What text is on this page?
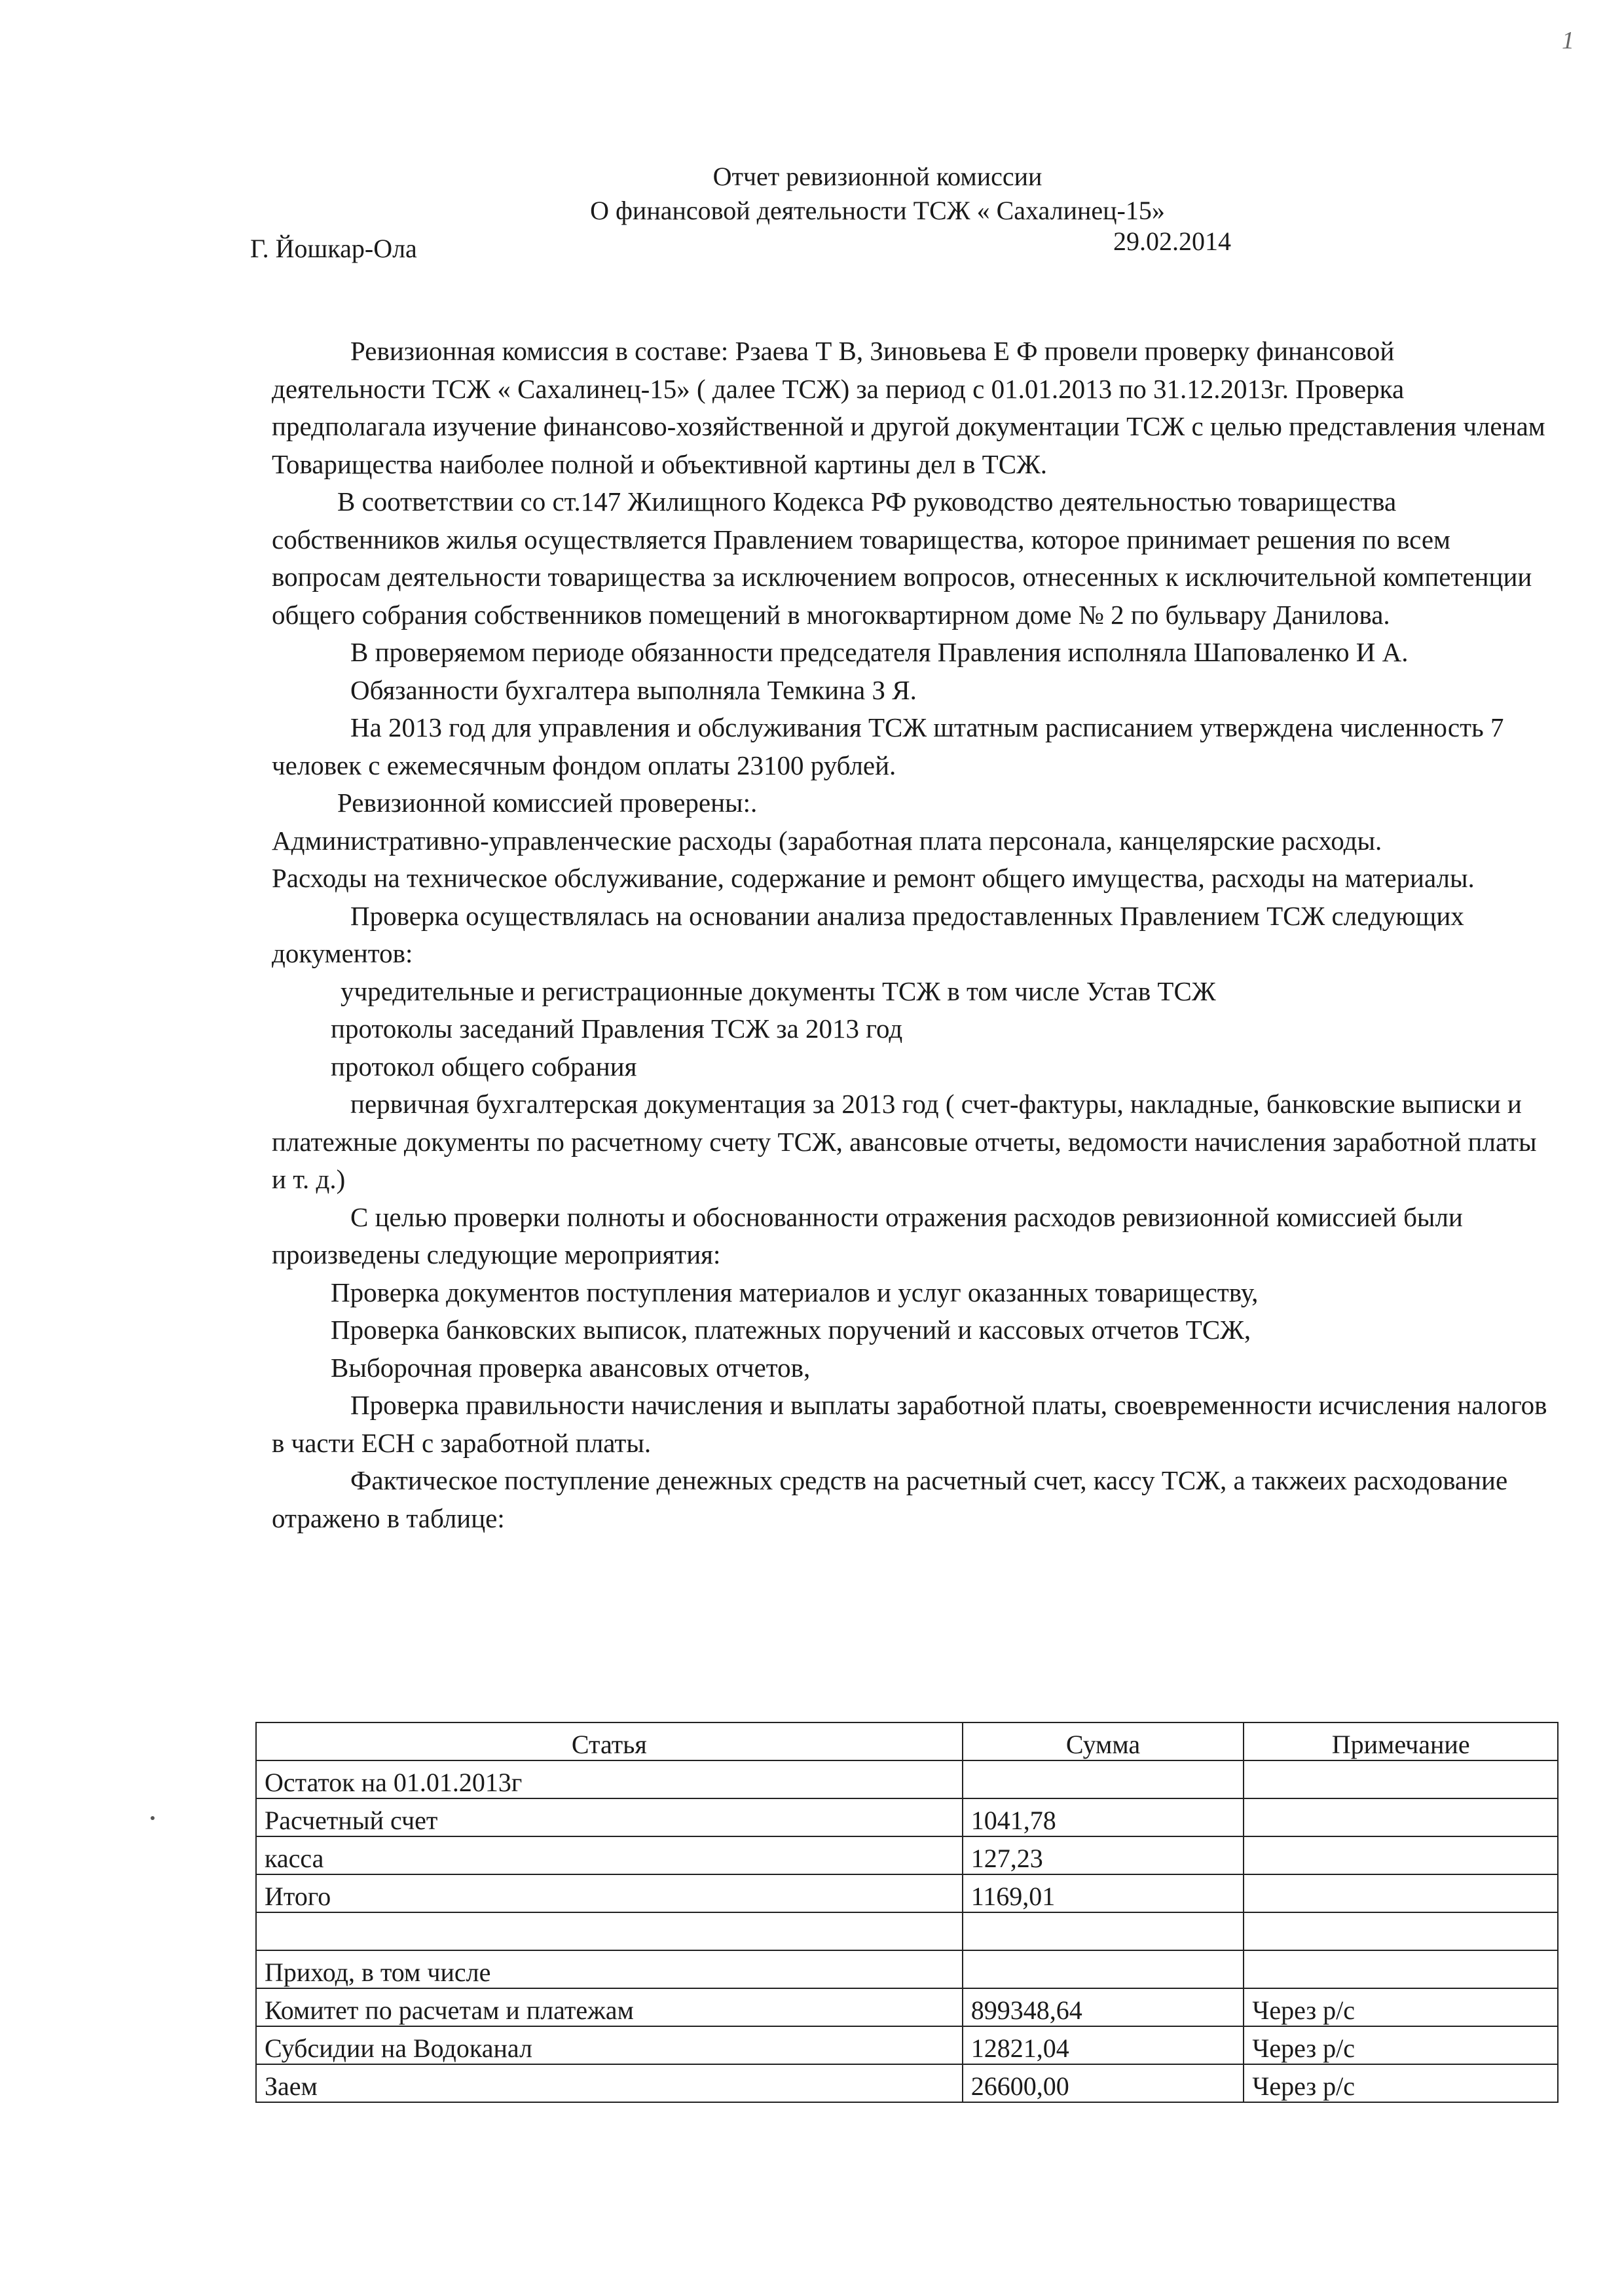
1
Отчет ревизионной комиссии
О финансовой деятельности ТСЖ « Сахалинец-15»
Г. Йошкар-Ола	29.02.2014

Ревизионная комиссия в составе: Рзаева Т В, Зиновьева Е Ф провели проверку финансовой деятельности ТСЖ « Сахалинец-15» ( далее ТСЖ) за период с 01.01.2013 по 31.12.2013г. Проверка предполагала изучение финансово-хозяйственной и другой документации ТСЖ с целью представления членам Товарищества наиболее полной и объективной картины дел в ТСЖ.

В соответствии со ст.147 Жилищного Кодекса РФ руководство деятельностью товарищества собственников жилья осуществляется Правлением товарищества, которое принимает решения по всем вопросам деятельности товарищества за исключением вопросов, отнесенных к исключительной компетенции общего собрания собственников помещений в многоквартирном доме № 2 по бульвару Данилова.

В проверяемом периоде обязанности председателя Правления исполняла Шаповаленко И А.

Обязанности бухгалтера выполняла Темкина З Я.

На 2013 год для управления и обслуживания ТСЖ штатным расписанием утверждена численность 7 человек с ежемесячным фондом оплаты 23100 рублей.

Ревизионной комиссией проверены:.

Административно-управленческие расходы (заработная плата персонала, канцелярские расходы.

Расходы на техническое обслуживание, содержание и ремонт общего имущества, расходы на материалы.

Проверка осуществлялась на основании анализа предоставленных Правлением ТСЖ следующих документов:

учредительные и регистрационные документы ТСЖ в том числе Устав ТСЖ

протоколы заседаний Правления ТСЖ за 2013 год

протокол общего собрания

первичная бухгалтерская документация за 2013 год ( счет-фактуры, накладные, банковские выписки и платежные документы по расчетному счету ТСЖ, авансовые отчеты, ведомости начисления заработной платы и т. д.)

С целью проверки полноты и обоснованности отражения расходов ревизионной комиссией были произведены следующие мероприятия:

Проверка документов поступления материалов и услуг оказанных товариществу,

Проверка банковских выписок, платежных поручений и кассовых отчетов ТСЖ,

Выборочная проверка авансовых отчетов,

Проверка правильности начисления и выплаты заработной платы, своевременности исчисления налогов в части ЕСН с заработной платы.

Фактическое поступление денежных средств на расчетный счет, кассу ТСЖ, а такжеих расходование отражено в таблице:

Статья	Сумма	Примечание
Остаток на 01.01.2013г		
Расчетный счет	1041,78	
касса	127,23	
Итого	1169,01	

Приход, в том числе		
Комитет по расчетам и платежам	899348,64	Через р/с
Субсидии на Водоканал	12821,04	Через р/с
Заем	26600,00	Через р/с
